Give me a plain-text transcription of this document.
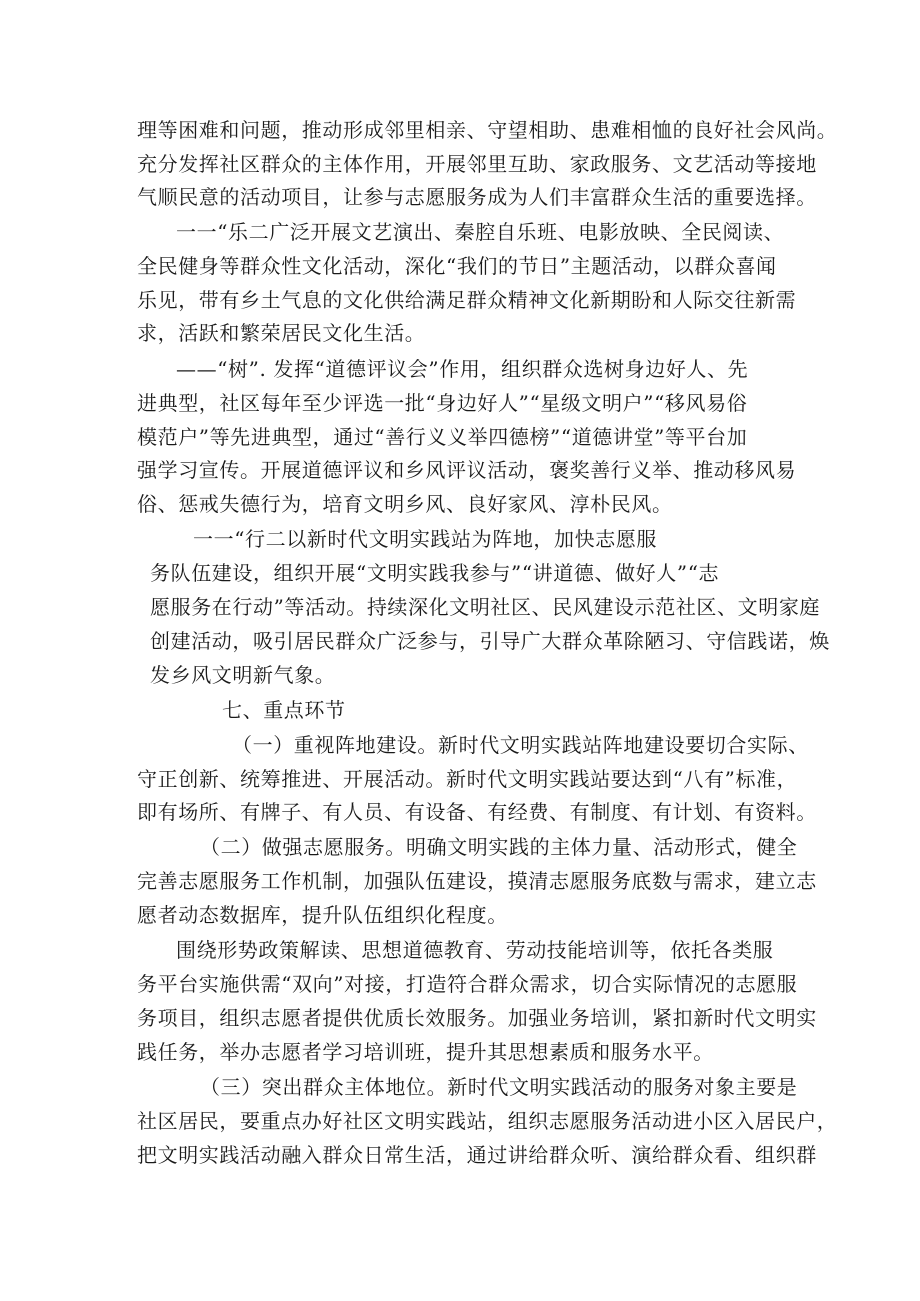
理等困难和问题，推动形成邻里相亲、守望相助、患难相恤的良好社会风尚。
充分发挥社区群众的主体作用，开展邻里互助、家政服务、文艺活动等接地
气顺民意的活动项目，让参与志愿服务成为人们丰富群众生活的重要选择。
一一“乐二广泛开展文艺演出、秦腔自乐班、电影放映、全民阅读、
全民健身等群众性文化活动，深化“我们的节日”主题活动，以群众喜闻
乐见，带有乡土气息的文化供给满足群众精神文化新期盼和人际交往新需
求，活跃和繁荣居民文化生活。
——“树”. 发挥“道德评议会”作用，组织群众选树身边好人、先
进典型，社区每年至少评选一批“身边好人”“星级文明户”“移风易俗
模范户”等先进典型，通过“善行义义举四德榜”“道德讲堂”等平台加
强学习宣传。开展道德评议和乡风评议活动，褒奖善行义举、推动移风易
俗、惩戒失德行为，培育文明乡风、良好家风、淳朴民风。
一一“行二以新时代文明实践站为阵地，加快志愿服
务队伍建设，组织开展“文明实践我参与”“讲道德、做好人”“志
愿服务在行动”等活动。持续深化文明社区、民风建设示范社区、文明家庭
创建活动，吸引居民群众广泛参与，引导广大群众革除陋习、守信践诺，焕
发乡风文明新气象。
七、重点环节
（一）重视阵地建设。新时代文明实践站阵地建设要切合实际、
守正创新、统筹推进、开展活动。新时代文明实践站要达到“八有”标准，
即有场所、有牌子、有人员、有设备、有经费、有制度、有计划、有资料。
（二）做强志愿服务。明确文明实践的主体力量、活动形式，健全
完善志愿服务工作机制，加强队伍建设，摸清志愿服务底数与需求，建立志
愿者动态数据库，提升队伍组织化程度。
围绕形势政策解读、思想道德教育、劳动技能培训等，依托各类服
务平台实施供需“双向”对接，打造符合群众需求，切合实际情况的志愿服
务项目，组织志愿者提供优质长效服务。加强业务培训，紧扣新时代文明实
践任务，举办志愿者学习培训班，提升其思想素质和服务水平。
（三）突出群众主体地位。新时代文明实践活动的服务对象主要是
社区居民，要重点办好社区文明实践站，组织志愿服务活动进小区入居民户，
把文明实践活动融入群众日常生活，通过讲给群众听、演给群众看、组织群
